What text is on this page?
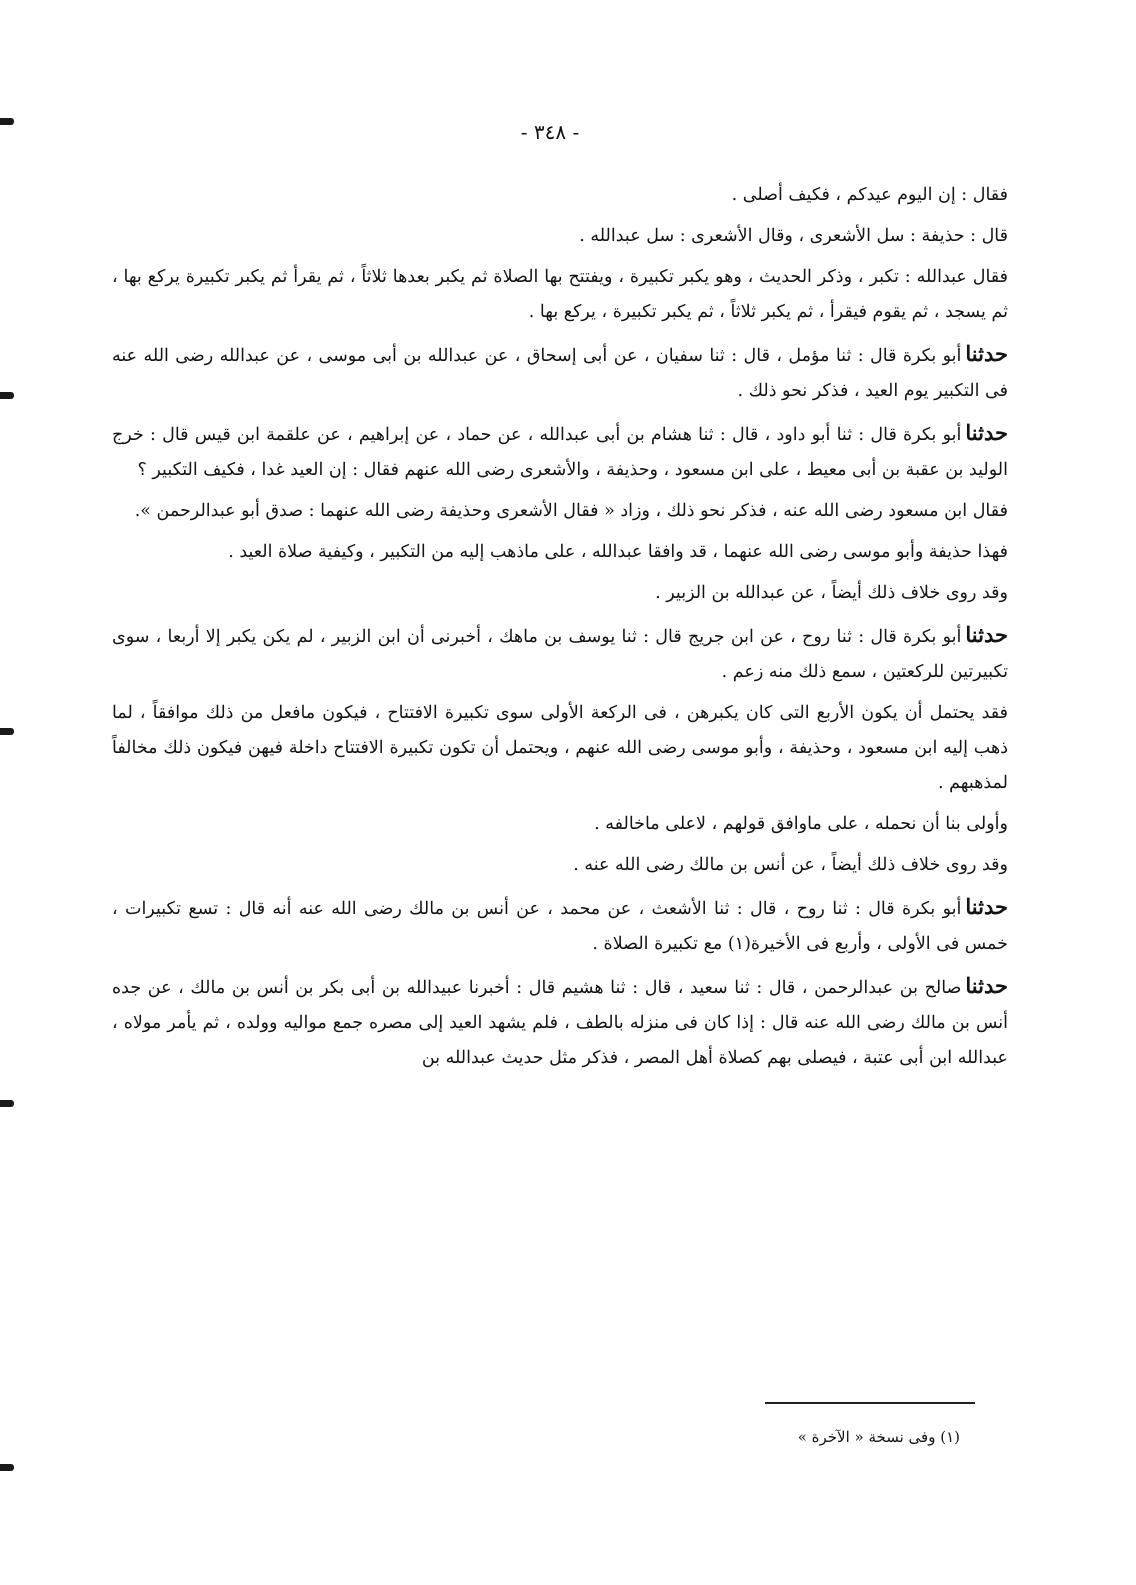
- ٣٤٨ -

فقال : إن اليوم عيدكم ، فكيف أصلى .

قال : حذيفة : سل الأشعرى ، وقال الأشعرى : سل عبدالله .

فقال عبدالله : تكبر ، وذكر الحديث ، وهو يكبر تكبيرة ، ويفتتح بها الصلاة ثم يكبر بعدها ثلاثاً ، ثم يقرأ ثم يكبر تكبيرة يركع بها ، ثم يسجد ، ثم يقوم فيقرأ ، ثم يكبر ثلاثاً ، ثم يكبر تكبيرة ، يركع بها .

حدثناأبو بكرة قال : ثنا مؤمل ، قال : ثنا سفيان ، عن أبى إسحاق ، عن عبدالله بن أبى موسى ، عن عبدالله رضى الله عنه فى التكبير يوم العيد ، فذكر نحو ذلك .

حدثناأبو بكرة قال : ثنا أبو داود ، قال : ثنا هشام بن أبى عبدالله ، عن حماد ، عن إبراهيم ، عن علقمة ابن قيس قال : خرج الوليد بن عقبة بن أبى معيط ، على ابن مسعود ، وحذيفة ، والأشعرى رضى الله عنهم فقال : إن العيد غدا ، فكيف التكبير ؟

فقال ابن مسعود رضى الله عنه ، فذكر نحو ذلك ، وزاد « فقال الأشعرى وحذيفة رضى الله عنهما : صدق أبو عبدالرحمن ».

فهذا حذيفة وأبو موسى رضى الله عنهما ، قد وافقا عبدالله ، على ماذهب إليه من التكبير ، وكيفية صلاة العيد .

وقد روى خلاف ذلك أيضاً ، عن عبدالله بن الزبير .

حدثناأبو بكرة قال : ثنا روح ، عن ابن جريج قال : ثنا يوسف بن ماهك ، أخبرنى أن ابن الزبير ، لم يكن يكبر إلا أربعا ، سوى تكبيرتين للركعتين ، سمع ذلك منه زعم .

فقد يحتمل أن يكون الأربع التى كان يكبرهن ، فى الركعة الأولى سوى تكبيرة الافتتاح ، فيكون مافعل من ذلك موافقاً ، لما ذهب إليه ابن مسعود ، وحذيفة ، وأبو موسى رضى الله عنهم ، ويحتمل أن تكون تكبيرة الافتتاح داخلة فيهن فيكون ذلك مخالفاً لمذهبهم .

وأولى بنا أن نحمله ، على ماوافق قولهم ، لاعلى ماخالفه .

وقد روى خلاف ذلك أيضاً ، عن أنس بن مالك رضى الله عنه .

حدثناأبو بكرة قال : ثنا روح ، قال : ثنا الأشعث ، عن محمد ، عن أنس بن مالك رضى الله عنه أنه قال : تسع تكبيرات ، خمس فى الأولى ، وأربع فى الأخيرة(١) مع تكبيرة الصلاة .

حدثناصالح بن عبدالرحمن ، قال : ثنا سعيد ، قال : ثنا هشيم قال : أخبرنا عبيدالله بن أبى بكر بن أنس بن مالك ، عن جده أنس بن مالك رضى الله عنه قال : إذا كان فى منزله بالطف ، فلم يشهد العيد إلى مصره جمع مواليه وولده ، ثم يأمر مولاه ، عبدالله ابن أبى عتبة ، فيصلى بهم كصلاة أهل المصر ، فذكر مثل حديث عبدالله بن

(١) وفى نسخة « الآخرة »
